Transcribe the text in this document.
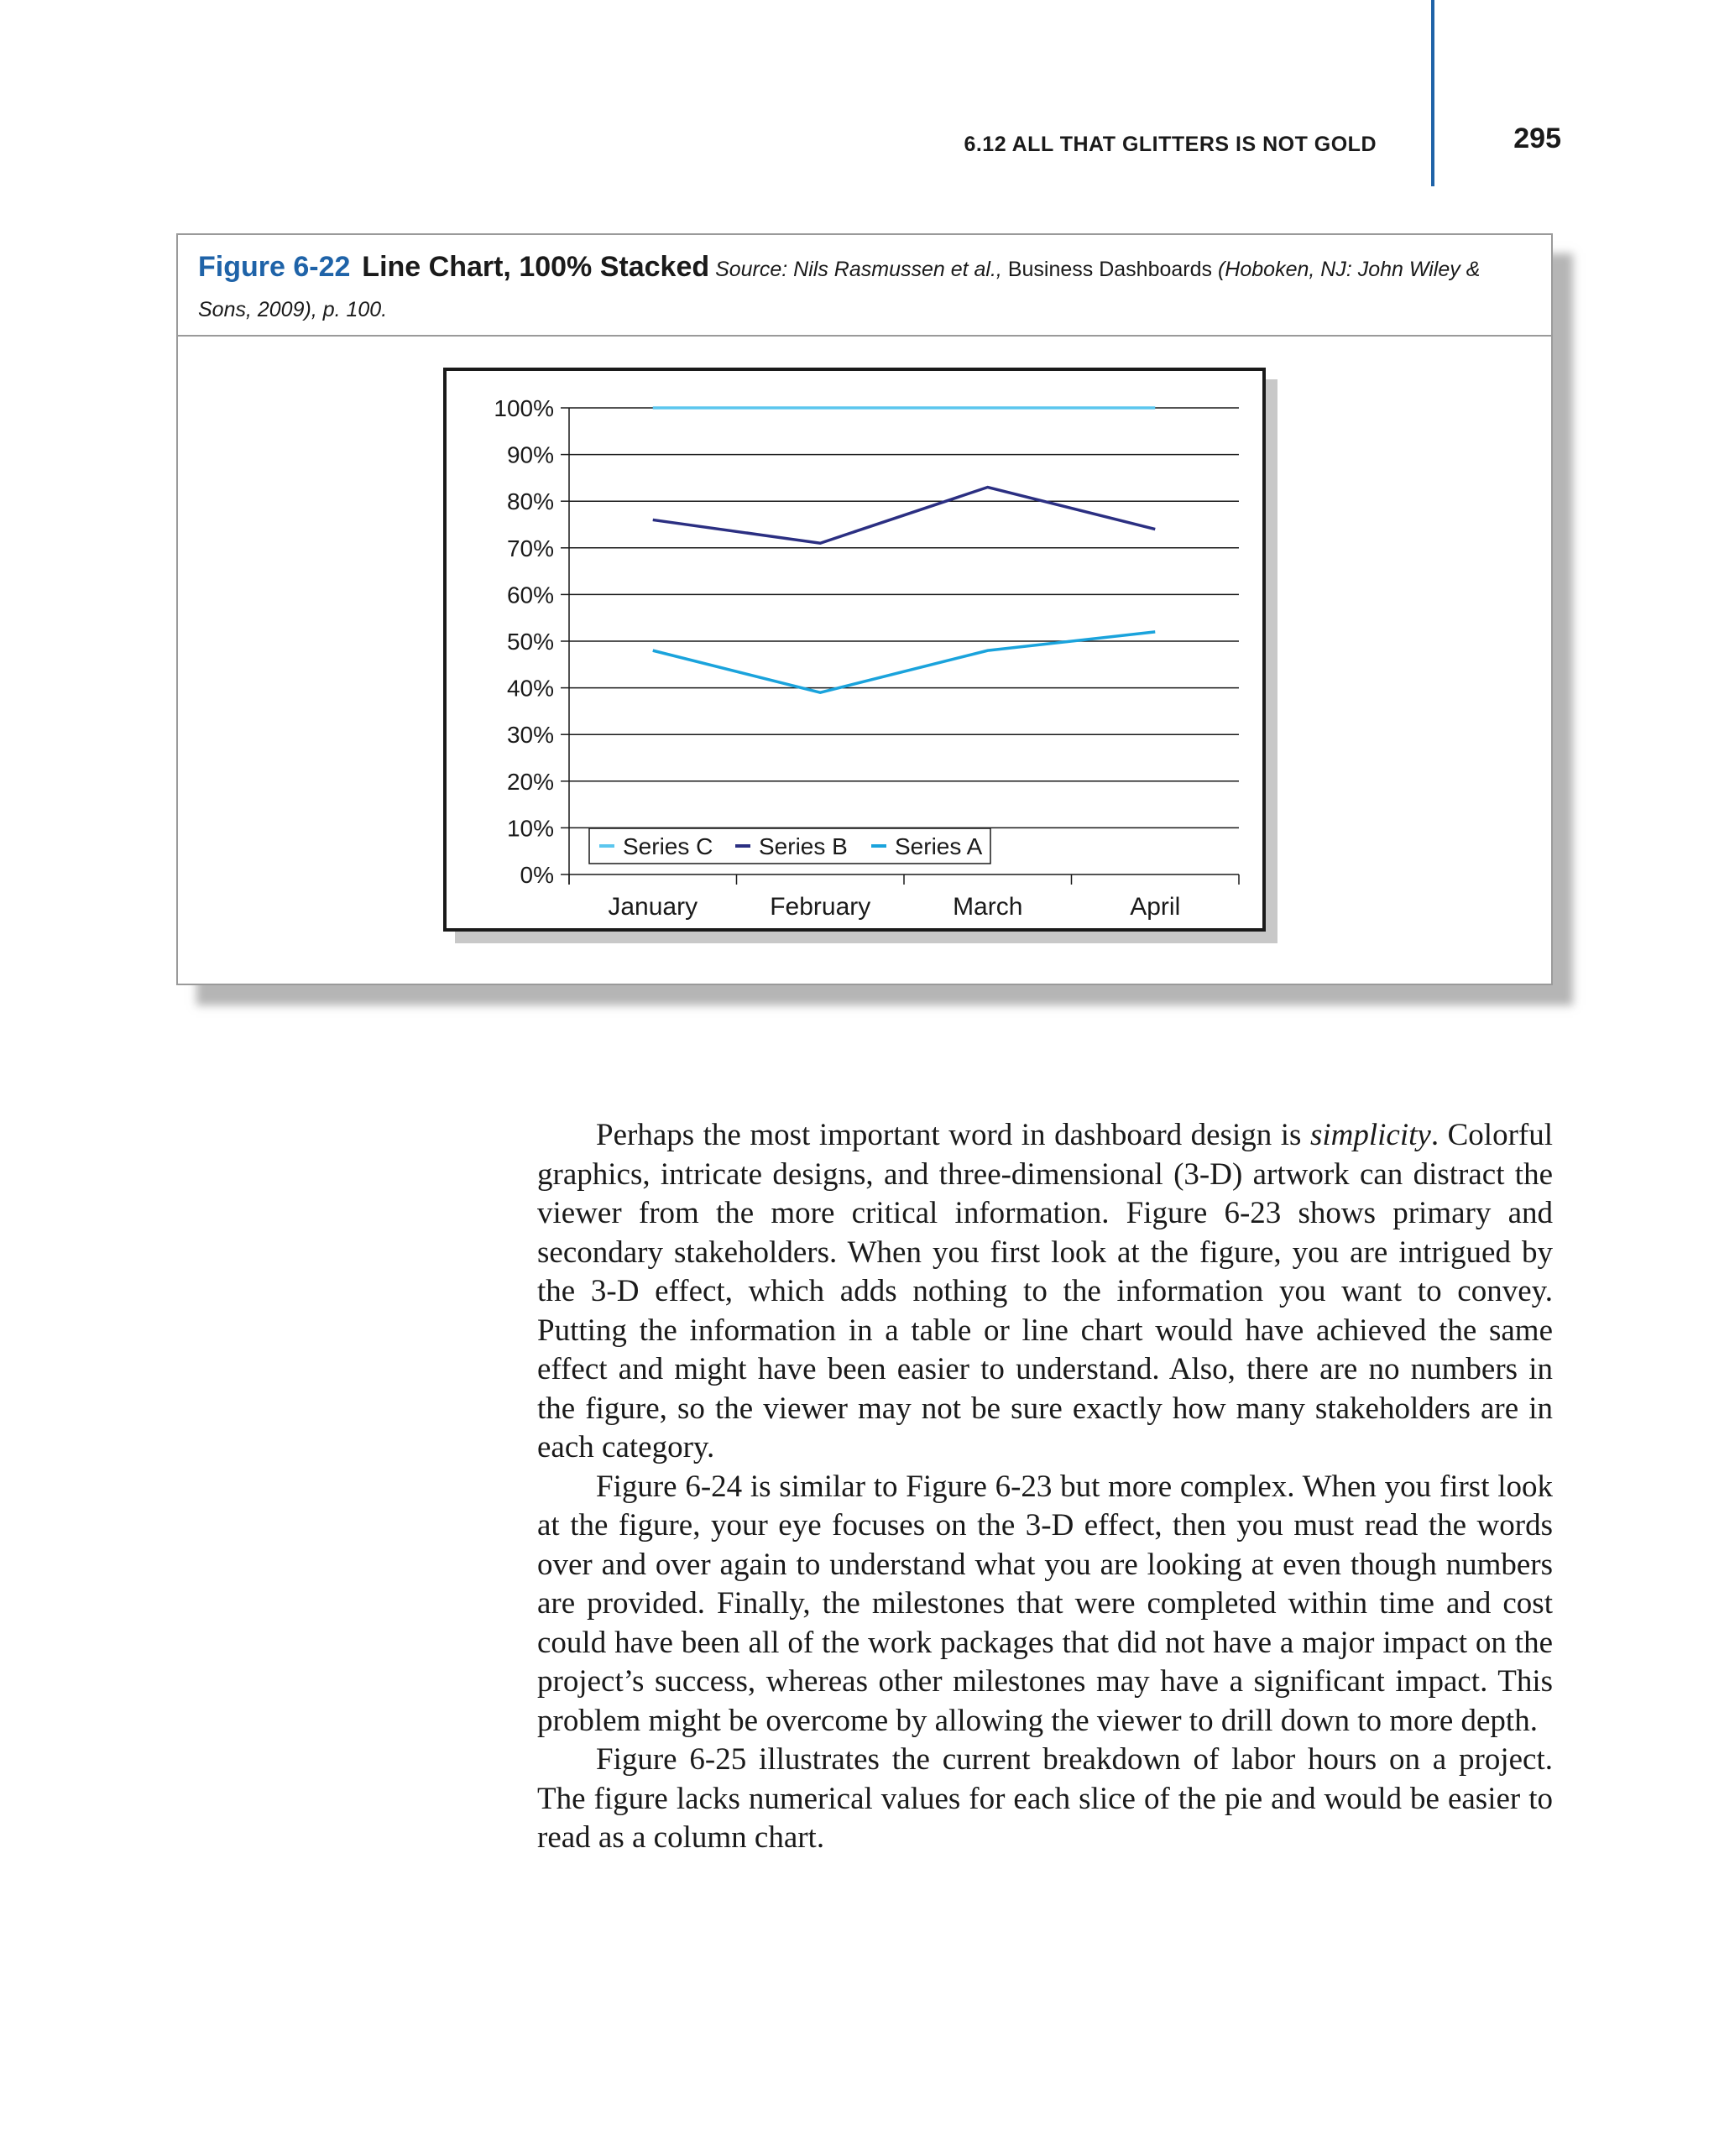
6.12 ALL THAT GLITTERS IS NOT GOLD	295
Figure 6-22 Line Chart, 100% Stacked Source: Nils Rasmussen et al., Business Dashboards (Hoboken, NJ: John Wiley & Sons, 2009), p. 100.
0%
10%
20%
30%
40%
50%
60%
70%
80%
90%
100%
January	February	March	April
Series C Series B Series A

Perhaps the most important word in dashboard design is simplicity. Colorful graphics, intricate designs, and three-dimensional (3-D) artwork can distract the viewer from the more critical information. Figure 6-23 shows primary and secondary stakeholders. When you first look at the figure, you are intrigued by the 3-D effect, which adds nothing to the information you want to convey. Putting the information in a table or line chart would have achieved the same effect and might have been easier to understand. Also, there are no numbers in the figure, so the viewer may not be sure exactly how many stakeholders are in each category.

Figure 6-24 is similar to Figure 6-23 but more complex. When you first look at the figure, your eye focuses on the 3-D effect, then you must read the words over and over again to understand what you are looking at even though numbers are provided. Finally, the milestones that were completed within time and cost could have been all of the work packages that did not have a major impact on the project’s success, whereas other milestones may have a significant impact. This problem might be overcome by allowing the viewer to drill down to more depth.

Figure 6-25 illustrates the current breakdown of labor hours on a project. The figure lacks numerical values for each slice of the pie and would be easier to read as a column chart.
